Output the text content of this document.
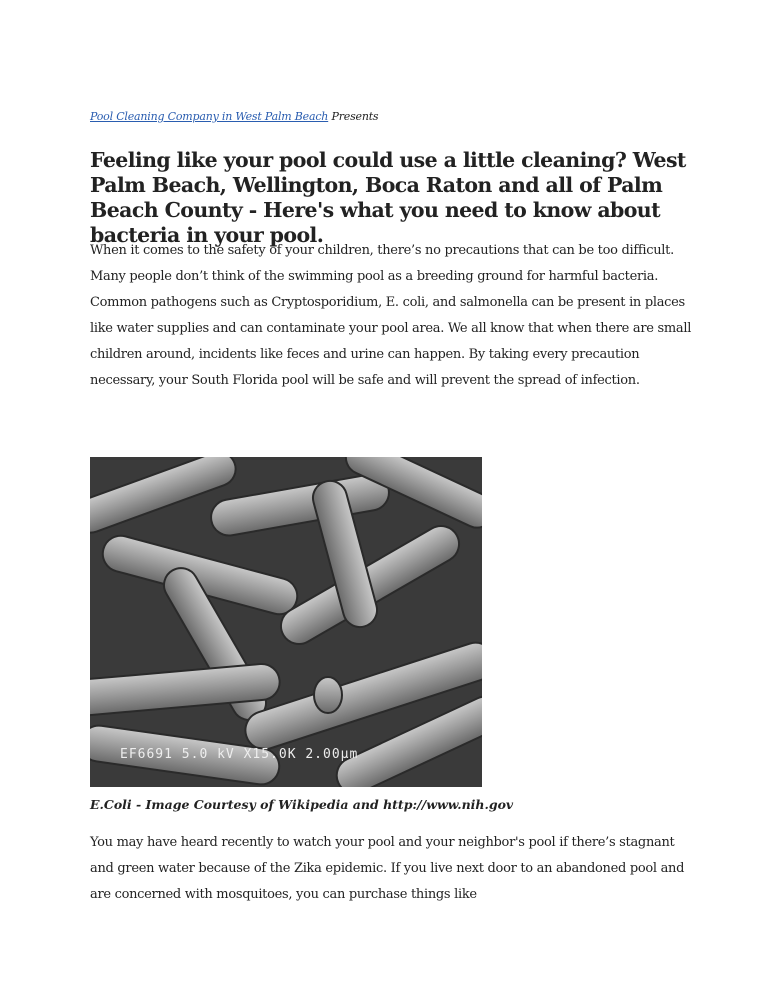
Pool Cleaning Company in West Palm Beach Presents
Feeling like your pool could use a little cleaning? West Palm Beach, Wellington, Boca Raton and all of Palm Beach County - Here's what you need to know about bacteria in your pool.

When it comes to the safety of your children, there’s no precautions that can be too difficult. Many people don’t think of the swimming pool as a breeding ground for harmful bacteria. Common pathogens such as Cryptosporidium, E. coli, and salmonella can be present in places like water supplies and can contaminate your pool area. We all know that when there are small children around, incidents like feces and urine can happen. By taking every precaution necessary, your South Florida pool will be safe and will prevent the spread of infection.

EF6691 5.0 kV X15.0K 2.00µm
E.Coli - Image Courtesy of Wikipedia and http://www.nih.gov

You may have heard recently to watch your pool and your neighbor's pool if there’s stagnant and green water because of the Zika epidemic. If you live next door to an abandoned pool and are concerned with mosquitoes, you can purchase things like
